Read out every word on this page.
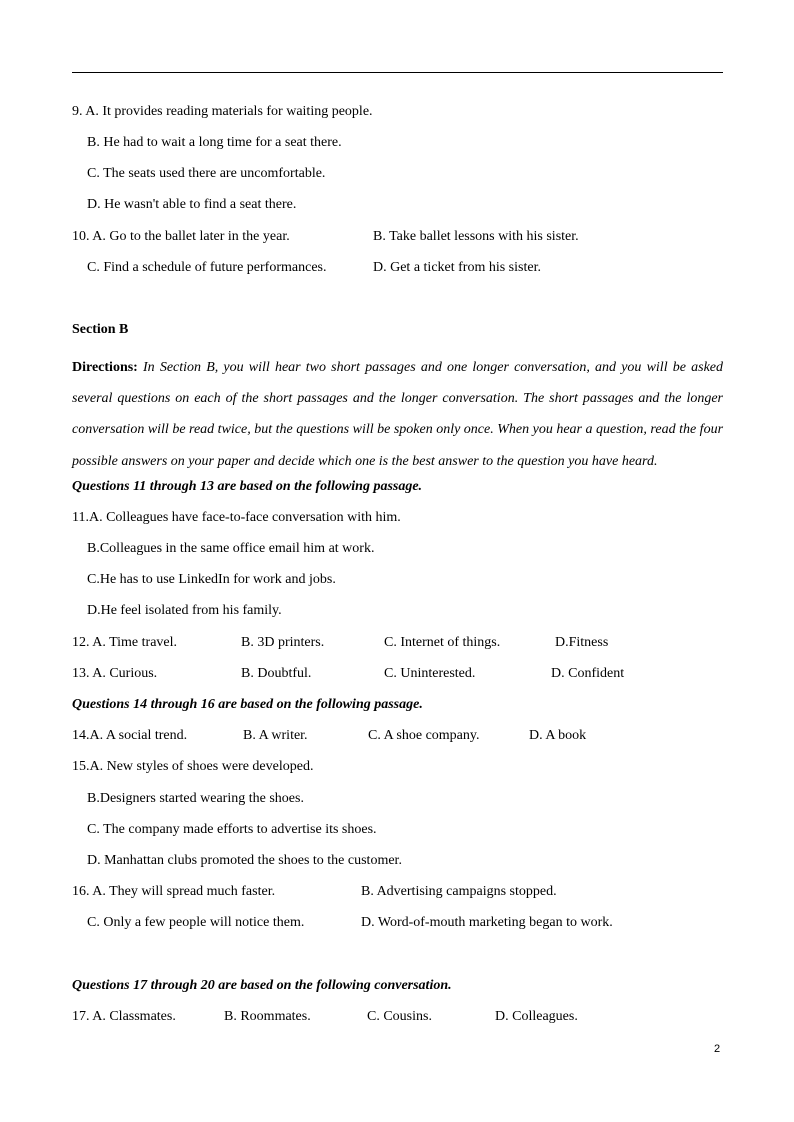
9. A. It provides reading materials for waiting people.
B. He had to wait a long time for a seat there.
C. The seats used there are uncomfortable.
D. He wasn't able to find a seat there.
10. A. Go to the ballet later in the year.	B. Take ballet lessons with his sister.
C. Find a schedule of future performances.	D. Get a ticket from his sister.
Section B
Directions: In Section B, you will hear two short passages and one longer conversation, and you will be asked several questions on each of the short passages and the longer conversation. The short passages and the longer conversation will be read twice, but the questions will be spoken only once. When you hear a question, read the four possible answers on your paper and decide which one is the best answer to the question you have heard.
Questions 11 through 13 are based on the following passage.
11.A. Colleagues have face-to-face conversation with him.
B.Colleagues in the same office email him at work.
C.He has to use LinkedIn for work and jobs.
D.He feel isolated from his family.
12. A. Time travel.	B. 3D printers.	C. Internet of things.	D.Fitness
13. A. Curious.	B. Doubtful.	C. Uninterested.	D. Confident
Questions 14 through 16 are based on the following passage.
14.A. A social trend.	B. A writer.	C. A shoe company.	D. A book
15.A. New styles of shoes were developed.
B.Designers started wearing the shoes.
C. The company made efforts to advertise its shoes.
D. Manhattan clubs promoted the shoes to the customer.
16. A. They will spread much faster.	B. Advertising campaigns stopped.
C. Only a few people will notice them.	D. Word-of-mouth marketing began to work.
Questions 17 through 20 are based on the following conversation.
17. A. Classmates.	B. Roommates.	C. Cousins.	D. Colleagues.
2
